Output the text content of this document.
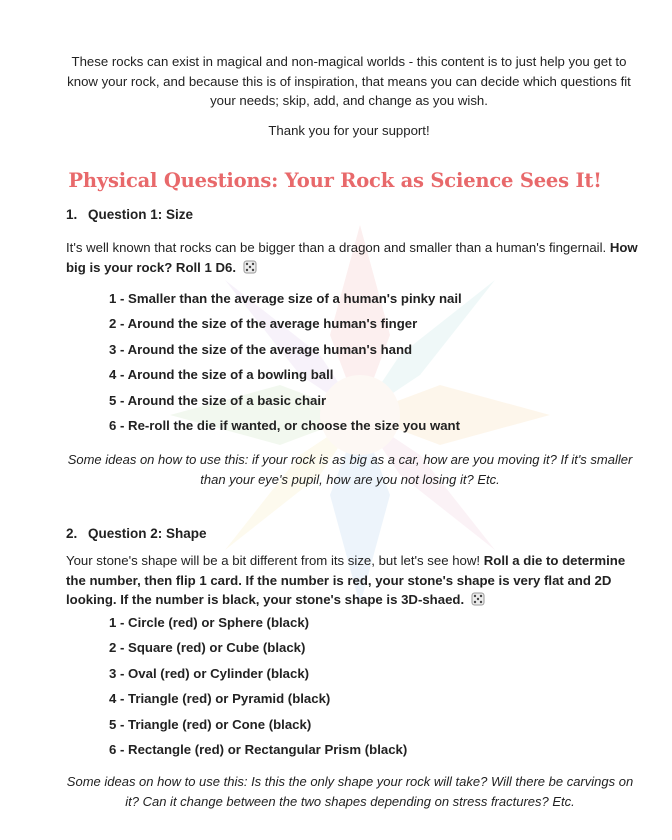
These rocks can exist in magical and non-magical worlds - this content is to just help you get to know your rock, and because this is of inspiration, that means you can decide which questions fit your needs; skip, add, and change as you wish.

Thank you for your support!

Physical Questions: Your Rock as Science Sees It!

1. Question 1: Size

It's well known that rocks can be bigger than a dragon and smaller than a human's fingernail. How big is your rock? Roll 1 D6.

1 - Smaller than the average size of a human's pinky nail
2 - Around the size of the average human's finger
3 - Around the size of the average human's hand
4 - Around the size of a bowling ball
5 - Around the size of a basic chair
6 - Re-roll the die if wanted, or choose the size you want

Some ideas on how to use this: if your rock is as big as a car, how are you moving it? If it's smaller than your eye's pupil, how are you not losing it? Etc.

2. Question 2: Shape

Your stone's shape will be a bit different from its size, but let's see how! Roll a die to determine the number, then flip 1 card. If the number is red, your stone's shape is very flat and 2D looking. If the number is black, your stone's shape is 3D-shaed.

1 - Circle (red) or Sphere (black)
2 - Square (red) or Cube (black)
3 - Oval (red) or Cylinder (black)
4 - Triangle (red) or Pyramid (black)
5 - Triangle (red) or Cone (black)
6 - Rectangle (red) or Rectangular Prism (black)

Some ideas on how to use this: Is this the only shape your rock will take? Will there be carvings on it? Can it change between the two shapes depending on stress fractures? Etc.
